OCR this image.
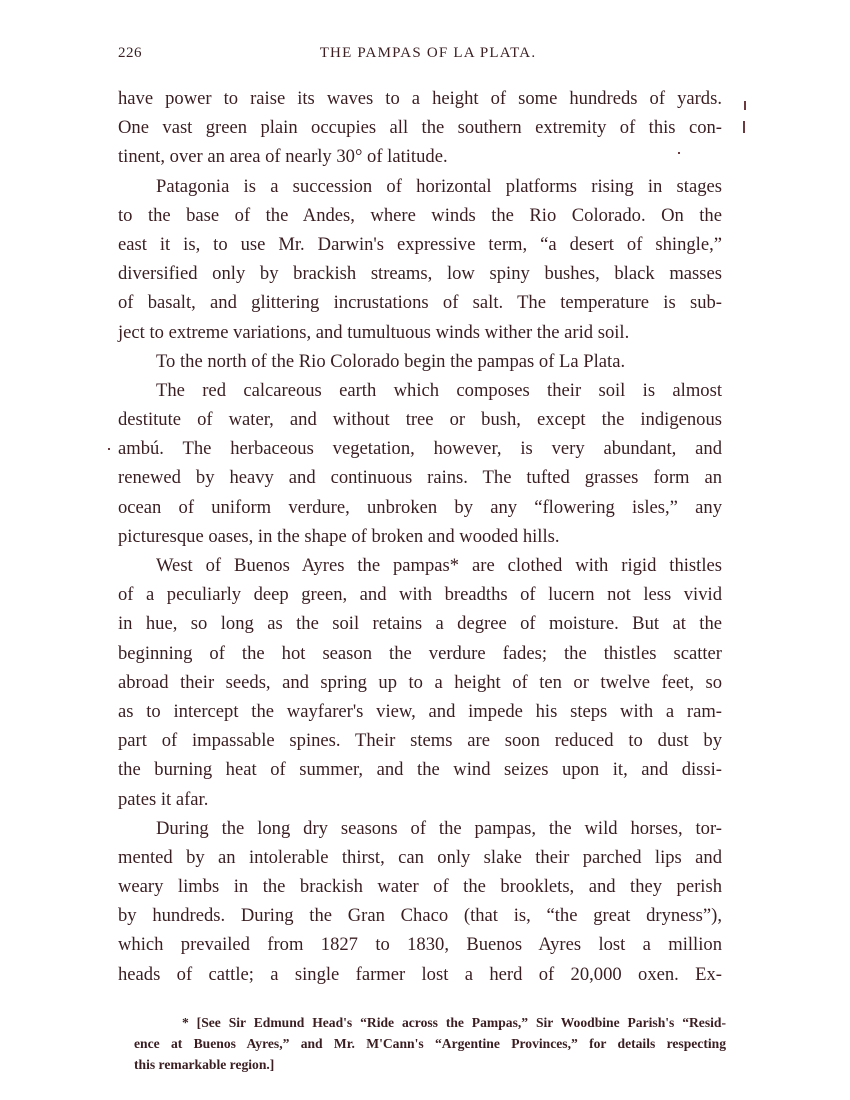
226	THE PAMPAS OF LA PLATA.
have power to raise its waves to a height of some hundreds of yards.
One vast green plain occupies all the southern extremity of this con-
tinent, over an area of nearly 30° of latitude.
Patagonia is a succession of horizontal platforms rising in stages
to the base of the Andes, where winds the Rio Colorado. On the
east it is, to use Mr. Darwin's expressive term, “a desert of shingle,”
diversified only by brackish streams, low spiny bushes, black masses
of basalt, and glittering incrustations of salt. The temperature is sub-
ject to extreme variations, and tumultuous winds wither the arid soil.
To the north of the Rio Colorado begin the pampas of La Plata.
The red calcareous earth which composes their soil is almost
destitute of water, and without tree or bush, except the indigenous
ambú. The herbaceous vegetation, however, is very abundant, and
renewed by heavy and continuous rains. The tufted grasses form an
ocean of uniform verdure, unbroken by any “flowering isles,” any
picturesque oases, in the shape of broken and wooded hills.
West of Buenos Ayres the pampas* are clothed with rigid thistles
of a peculiarly deep green, and with breadths of lucern not less vivid
in hue, so long as the soil retains a degree of moisture. But at the
beginning of the hot season the verdure fades; the thistles scatter
abroad their seeds, and spring up to a height of ten or twelve feet, so
as to intercept the wayfarer's view, and impede his steps with a ram-
part of impassable spines. Their stems are soon reduced to dust by
the burning heat of summer, and the wind seizes upon it, and dissi-
pates it afar.
During the long dry seasons of the pampas, the wild horses, tor-
mented by an intolerable thirst, can only slake their parched lips and
weary limbs in the brackish water of the brooklets, and they perish
by hundreds. During the Gran Chaco (that is, “the great dryness”),
which prevailed from 1827 to 1830, Buenos Ayres lost a million
heads of cattle; a single farmer lost a herd of 20,000 oxen. Ex-
* [See Sir Edmund Head's “Ride across the Pampas,” Sir Woodbine Parish's “Resid-
ence at Buenos Ayres,” and Mr. M'Cann's “Argentine Provinces,” for details respecting
this remarkable region.]
